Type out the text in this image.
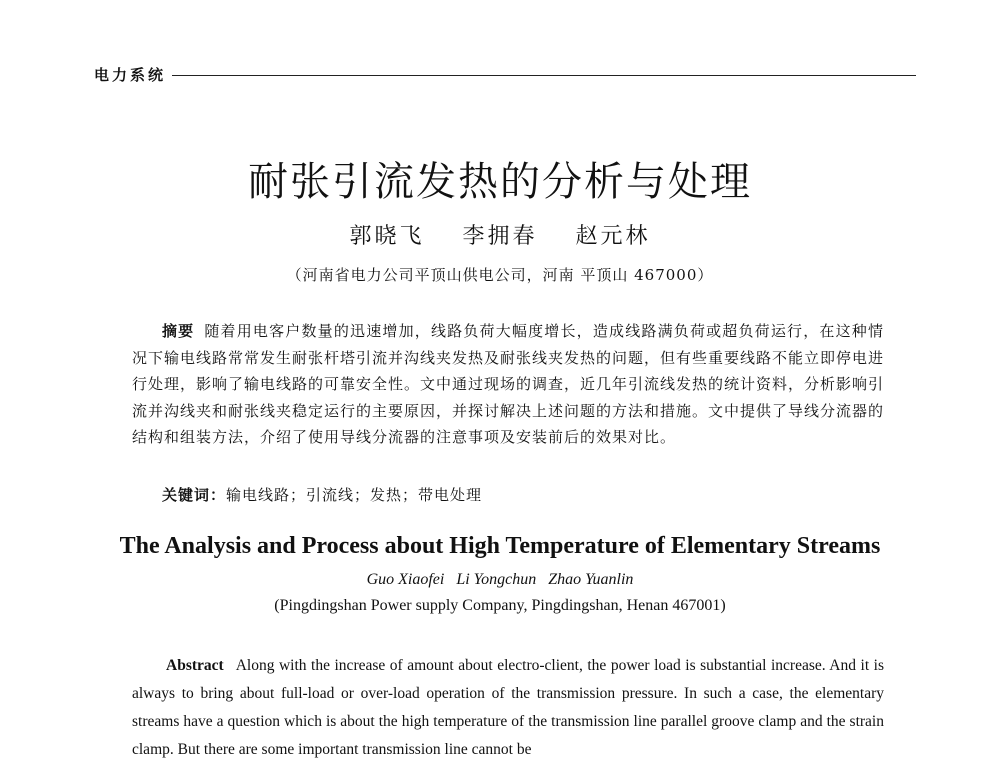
电力系统
耐张引流发热的分析与处理
郭晓飞 李拥春 赵元林
（河南省电力公司平顶山供电公司，河南 平顶山 467000）

摘要 随着用电客户数量的迅速增加，线路负荷大幅度增长，造成线路满负荷或超负荷运行，在这种情况下输电线路常常发生耐张杆塔引流并沟线夹发热及耐张线夹发热的问题，但有些重要线路不能立即停电进行处理，影响了输电线路的可靠安全性。文中通过现场的调查，近几年引流线发热的统计资料，分析影响引流并沟线夹和耐张线夹稳定运行的主要原因，并探讨解决上述问题的方法和措施。文中提供了导线分流器的结构和组装方法，介绍了使用导线分流器的注意事项及安装前后的效果对比。

关键词：输电线路；引流线；发热；带电处理
The Analysis and Process about High Temperature of Elementary Streams
Guo Xiaofei Li Yongchun Zhao Yuanlin
(Pingdingshan Power supply Company, Pingdingshan, Henan 467001)

Abstract Along with the increase of amount about electro-client, the power load is substantial increase. And it is always to bring about full-load or over-load operation of the transmission pressure. In such a case, the elementary streams have a question which is about the high temperature of the transmission line parallel groove clamp and the strain clamp. But there are some important transmission line cannot be
